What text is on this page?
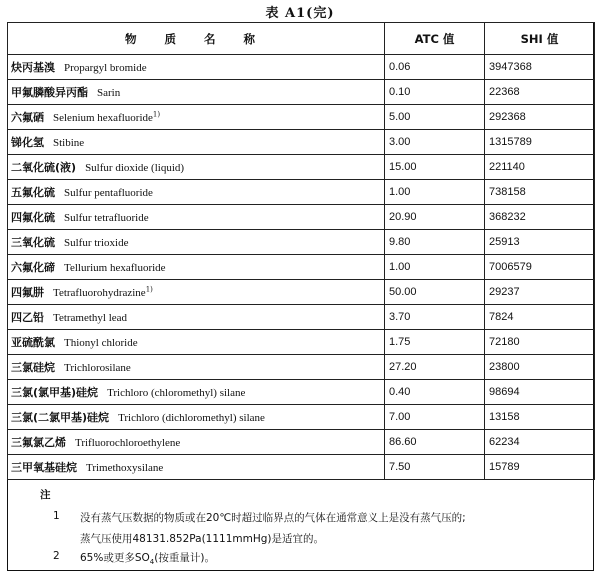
表 A1(完)
物 质 名 称	ATC 值	SHI 值
炔丙基溴 Propargyl bromide	0.06	3947368
甲氟膦酸异丙酯 Sarin	0.10	22368
六氟硒 Selenium hexafluoride$^{1)}$	5.00	292368
锑化氢 Stibine	3.00	1315789
二氧化硫(液) Sulfur dioxide (liquid)	15.00	221140
五氟化硫 Sulfur pentafluoride	1.00	738158
四氟化硫 Sulfur tetrafluoride	20.90	368232
三氧化硫 Sulfur trioxide	9.80	25913
六氟化碲 Tellurium hexafluoride	1.00	7006579
四氟肼 Tetrafluorohydrazine$^{1)}$	50.00	29237
四乙铅 Tetramethyl lead	3.70	7824
亚硫酰氯 Thionyl chloride	1.75	72180
三氯硅烷 Trichlorosilane	27.20	23800
三氯(氯甲基)硅烷 Trichloro (chloromethyl) silane	0.40	98694
三氯(二氯甲基)硅烷 Trichloro (dichloromethyl) silane	7.00	13158
三氟氯乙烯 Trifluorochloroethylene	86.60	62234
三甲氧基硅烷 Trimethoxysilane	7.50	15789
注
1 没有蒸气压数据的物质或在20℃时超过临界点的气体在通常意义上是没有蒸气压的;
蒸气压使用48131.852Pa(1111mmHg)是适宜的。
2 65%或更多$SO_4$(按重量计)。
